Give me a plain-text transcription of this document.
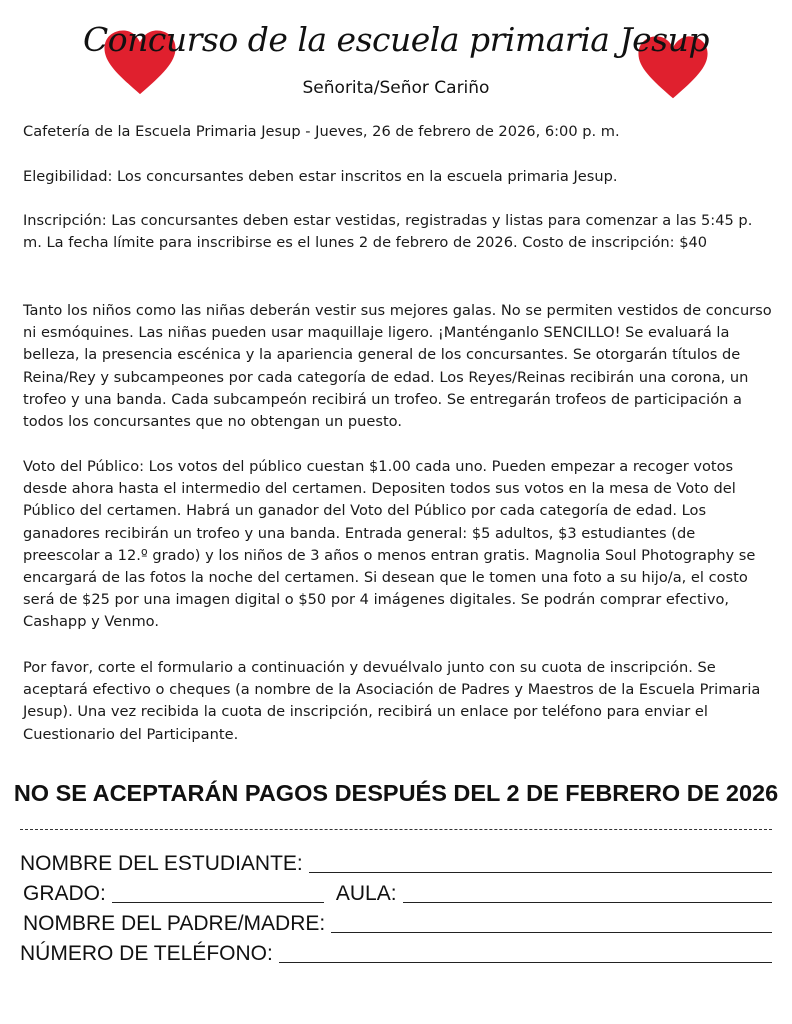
Concurso de la escuela primaria Jesup
Señorita/Señor Cariño

Cafetería de la Escuela Primaria Jesup - Jueves, 26 de febrero de 2026, 6:00 p. m.

Elegibilidad: Los concursantes deben estar inscritos en la escuela primaria Jesup.

Inscripción: Las concursantes deben estar vestidas, registradas y listas para comenzar a las 5:45 p. m. La fecha límite para inscribirse es el lunes 2 de febrero de 2026. Costo de inscripción: $40

Tanto los niños como las niñas deberán vestir sus mejores galas. No se permiten vestidos de concurso ni esmóquines. Las niñas pueden usar maquillaje ligero. ¡Manténganlo SENCILLO! Se evaluará la belleza, la presencia escénica y la apariencia general de los concursantes. Se otorgarán títulos de Reina/Rey y subcampeones por cada categoría de edad. Los Reyes/Reinas recibirán una corona, un trofeo y una banda. Cada subcampeón recibirá un trofeo. Se entregarán trofeos de participación a todos los concursantes que no obtengan un puesto.

Voto del Público: Los votos del público cuestan $1.00 cada uno. Pueden empezar a recoger votos desde ahora hasta el intermedio del certamen. Depositen todos sus votos en la mesa de Voto del Público del certamen. Habrá un ganador del Voto del Público por cada categoría de edad. Los ganadores recibirán un trofeo y una banda. Entrada general: $5 adultos, $3 estudiantes (de preescolar a 12.º grado) y los niños de 3 años o menos entran gratis. Magnolia Soul Photography se encargará de las fotos la noche del certamen. Si desean que le tomen una foto a su hijo/a, el costo será de $25 por una imagen digital o $50 por 4 imágenes digitales. Se podrán comprar efectivo, Cashapp y Venmo.

Por favor, corte el formulario a continuación y devuélvalo junto con su cuota de inscripción. Se aceptará efectivo o cheques (a nombre de la Asociación de Padres y Maestros de la Escuela Primaria Jesup). Una vez recibida la cuota de inscripción, recibirá un enlace por teléfono para enviar el Cuestionario del Participante.

NO SE ACEPTARÁN PAGOS DESPUÉS DEL 2 DE FEBRERO DE 2026
NOMBRE DEL ESTUDIANTE:
GRADO:	AULA:
NOMBRE DEL PADRE/MADRE:
NÚMERO DE TELÉFONO:
